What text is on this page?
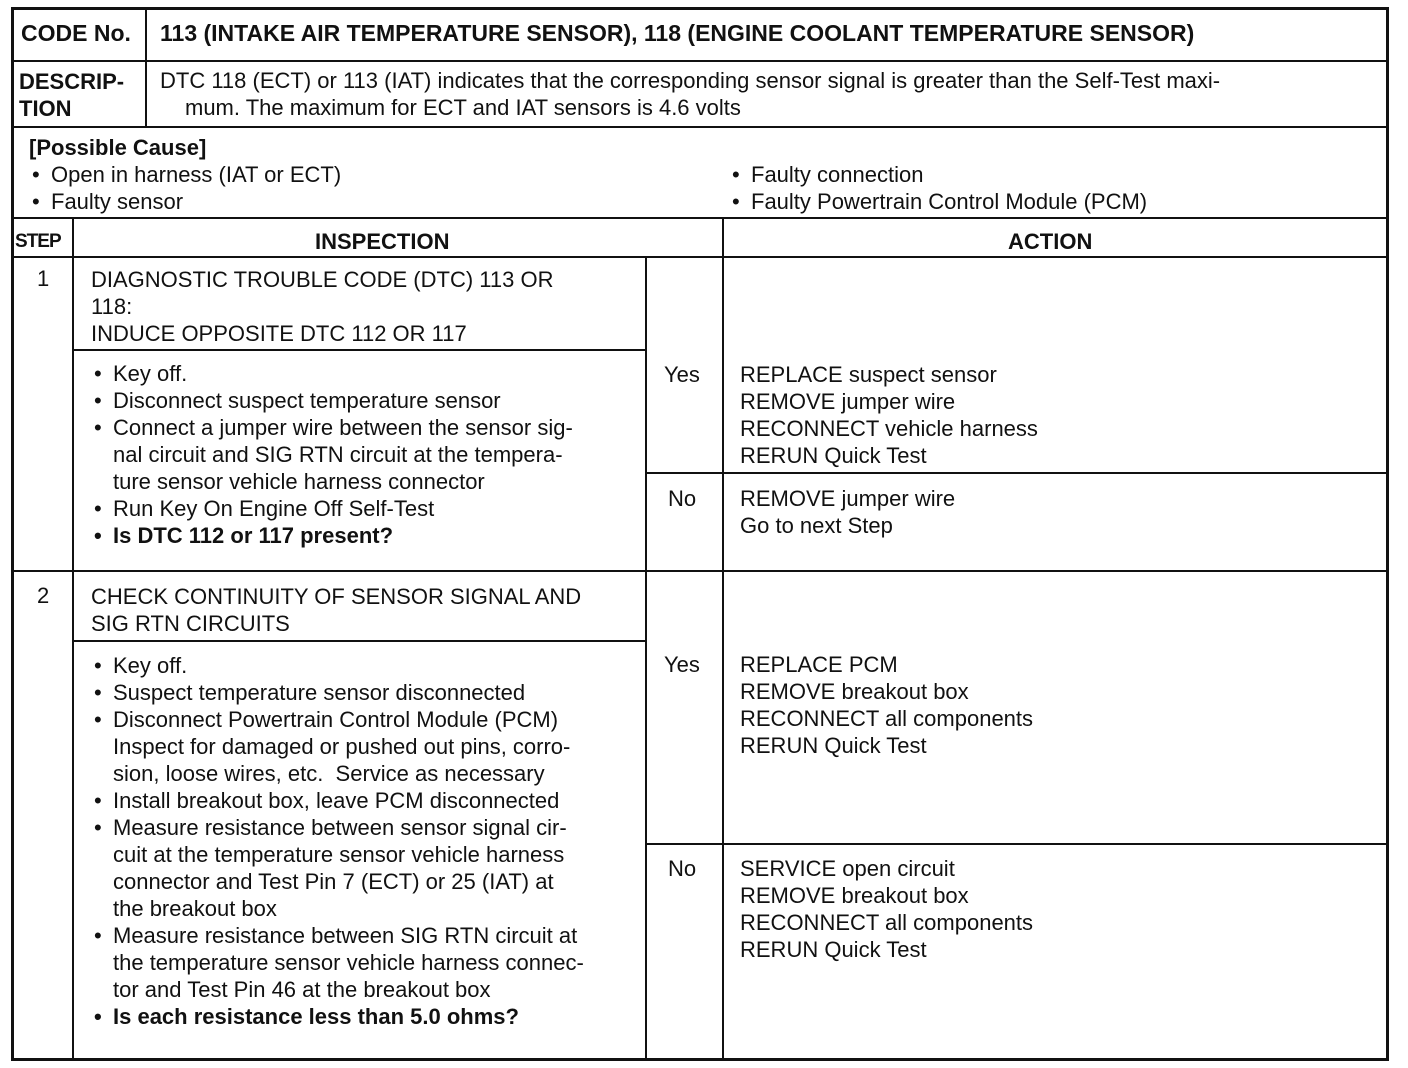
CODE No. 113 (INTAKE AIR TEMPERATURE SENSOR), 118 (ENGINE COOLANT TEMPERATURE SENSOR)
DESCRIP-
TION
DTC 118 (ECT) or 113 (IAT) indicates that the corresponding sensor signal is greater than the Self-Test maxi-
mum. The maximum for ECT and IAT sensors is 4.6 volts
[Possible Cause]
• Open in harness (IAT or ECT)
• Faulty sensor
• Faulty connection
• Faulty Powertrain Control Module (PCM)
STEP	INSPECTION	ACTION
1 DIAGNOSTIC TROUBLE CODE (DTC) 113 OR
118:
INDUCE OPPOSITE DTC 112 OR 117
• Key off.
• Disconnect suspect temperature sensor
• Connect a jumper wire between the sensor sig-
nal circuit and SIG RTN circuit at the tempera-
ture sensor vehicle harness connector
• Run Key On Engine Off Self-Test
• Is DTC 112 or 117 present?
Yes REPLACE suspect sensor
REMOVE jumper wire
RECONNECT vehicle harness
RERUN Quick Test
No REMOVE jumper wire
Go to next Step
2 CHECK CONTINUITY OF SENSOR SIGNAL AND
SIG RTN CIRCUITS
• Key off.
• Suspect temperature sensor disconnected
• Disconnect Powertrain Control Module (PCM)
Inspect for damaged or pushed out pins, corro-
sion, loose wires, etc.  Service as necessary
• Install breakout box, leave PCM disconnected
• Measure resistance between sensor signal cir-
cuit at the temperature sensor vehicle harness
connector and Test Pin 7 (ECT) or 25 (IAT) at
the breakout box
• Measure resistance between SIG RTN circuit at
the temperature sensor vehicle harness connec-
tor and Test Pin 46 at the breakout box
• Is each resistance less than 5.0 ohms?
Yes REPLACE PCM
REMOVE breakout box
RECONNECT all components
RERUN Quick Test
No SERVICE open circuit
REMOVE breakout box
RECONNECT all components
RERUN Quick Test
